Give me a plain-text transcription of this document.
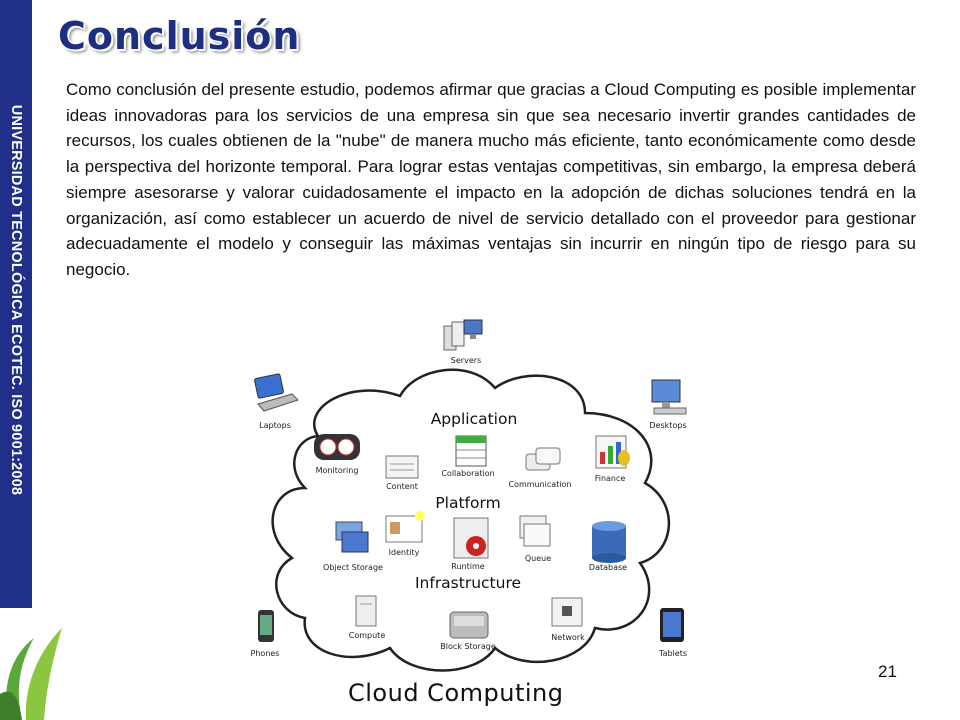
UNIVERSIDAD TECNOLÓGICA ECOTEC. ISO 9001:2008
Conclusión

Como conclusión del presente estudio, podemos afirmar que gracias a Cloud Computing es posible implementar ideas innovadoras para los servicios de una empresa sin que sea necesario invertir grandes cantidades de recursos, los cuales obtienen de la "nube" de manera mucho más eficiente, tanto económicamente como desde la perspectiva del horizonte temporal. Para lograr estas ventajas competitivas, sin embargo, la empresa deberá siempre asesorarse y valorar cuidadosamente el impacto en la adopción de dichas soluciones tendrá en la organización, así como establecer un acuerdo de nivel de servicio detallado con el proveedor para gestionar adecuadamente el modelo y conseguir las máximas ventajas sin incurrir en ningún tipo de riesgo para su negocio.

Application
Platform
Infrastructure
Servers
Laptops	Desktops
Phones	Tablets
Monitoring
Content
Collaboration
Communication
Finance
Identity
Object Storage	Runtime
Queue
Database
Compute
Block Storage
Network
Cloud Computing
21
